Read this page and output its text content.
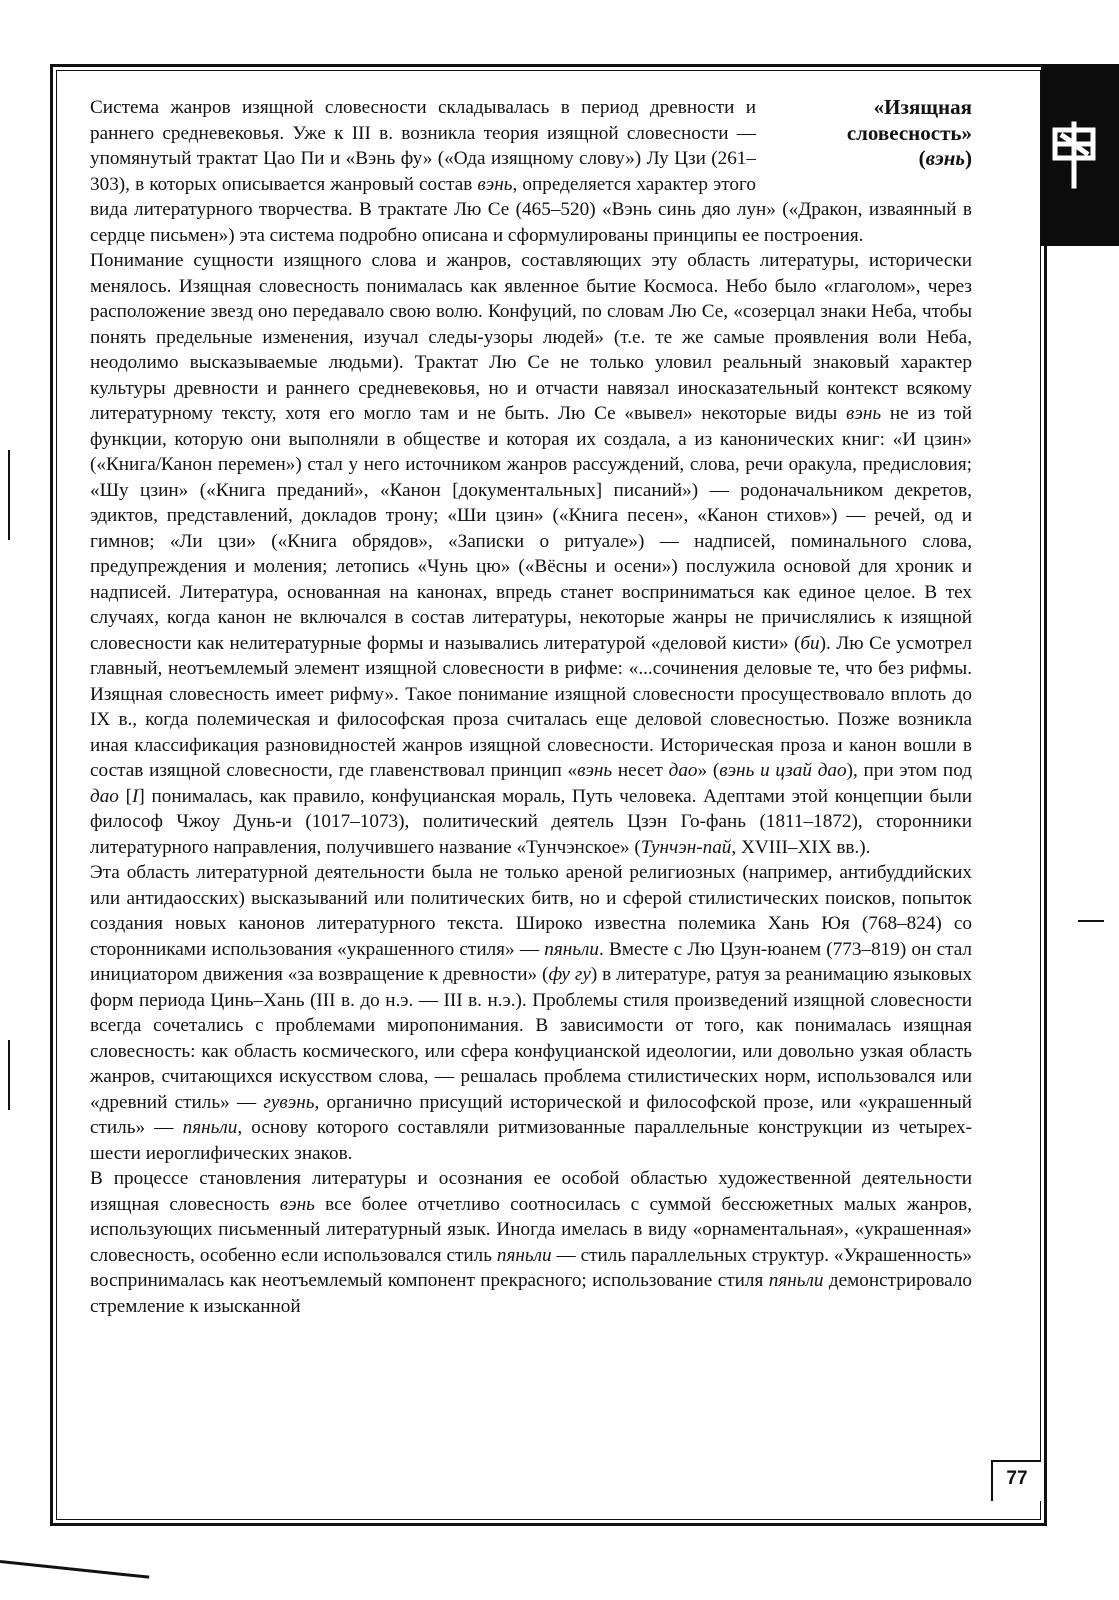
«Изящная
словесность»
(вэнь)

Система жанров изящной словесности складывалась в период древности и раннего средневековья. Уже к III в. возникла теория изящной словесности — упомянутый трактат Цао Пи и «Вэнь фу» («Ода изящному слову») Лу Цзи (261–303), в которых описывается жанровый состав вэнь, определяется характер этого вида литературного творчества. В трактате Лю Се (465–520) «Вэнь синь дяо лун» («Дракон, изваянный в сердце письмен») эта система подробно описана и сформулированы принципы ее построения.

Понимание сущности изящного слова и жанров, составляющих эту область литературы, исторически менялось. Изящная словесность понималась как явленное бытие Космоса. Небо было «глаголом», через расположение звезд оно передавало свою волю. Конфуций, по словам Лю Се, «созерцал знаки Неба, чтобы понять предельные изменения, изучал следы-узоры людей» (т.е. те же самые проявления воли Неба, неодолимо высказываемые людьми). Трактат Лю Се не только уловил реальный знаковый характер культуры древности и раннего средневековья, но и отчасти навязал иносказательный контекст всякому литературному тексту, хотя его могло там и не быть. Лю Се «вывел» некоторые виды вэнь не из той функции, которую они выполняли в обществе и которая их создала, а из канонических книг: «И цзин» («Книга/Канон перемен») стал у него источником жанров рассуждений, слова, речи оракула, предисловия; «Шу цзин» («Книга преданий», «Канон [документальных] писаний») — родоначальником декретов, эдиктов, представлений, докладов трону; «Ши цзин» («Книга песен», «Канон стихов») — речей, од и гимнов; «Ли цзи» («Книга обрядов», «Записки о ритуале») — надписей, поминального слова, предупреждения и моления; летопись «Чунь цю» («Вёсны и осени») послужила основой для хроник и надписей. Литература, основанная на канонах, впредь станет восприниматься как единое целое. В тех случаях, когда канон не включался в состав литературы, некоторые жанры не причислялись к изящной словесности как нелитературные формы и назывались литературой «деловой кисти» (би). Лю Се усмотрел главный, неотъемлемый элемент изящной словесности в рифме: «...сочинения деловые те, что без рифмы. Изящная словесность имеет рифму». Такое понимание изящной словесности просуществовало вплоть до IX в., когда полемическая и философская проза считалась еще деловой словесностью. Позже возникла иная классификация разновидностей жанров изящной словесности. Историческая проза и канон вошли в состав изящной словесности, где главенствовал принцип «вэнь несет дао» (вэнь и цзай дао), при этом под дао [I] понималась, как правило, конфуцианская мораль, Путь человека. Адептами этой концепции были философ Чжоу Дунь-и (1017–1073), политический деятель Цзэн Го-фань (1811–1872), сторонники литературного направления, получившего название «Тунчэнское» (Тунчэн-пай, XVIII–XIX вв.).

Эта область литературной деятельности была не только ареной религиозных (например, антибуддийских или антидаосских) высказываний или политических битв, но и сферой стилистических поисков, попыток создания новых канонов литературного текста. Широко известна полемика Хань Юя (768–824) со сторонниками использования «украшенного стиля» — пяньли. Вместе с Лю Цзун-юанем (773–819) он стал инициатором движения «за возвращение к древности» (фу гу) в литературе, ратуя за реанимацию языковых форм периода Цинь–Хань (III в. до н.э. — III в. н.э.). Проблемы стиля произведений изящной словесности всегда сочетались с проблемами миропонимания. В зависимости от того, как понималась изящная словесность: как область космического, или сфера конфуцианской идеологии, или довольно узкая область жанров, считающихся искусством слова, — решалась проблема стилистических норм, использовался или «древний стиль» — гувэнь, органично присущий исторической и философской прозе, или «украшенный стиль» — пяньли, основу которого составляли ритмизованные параллельные конструкции из четырех-шести иероглифических знаков.

В процессе становления литературы и осознания ее особой областью художественной деятельности изящная словесность вэнь все более отчетливо соотносилась с суммой бессюжетных малых жанров, использующих письменный литературный язык. Иногда имелась в виду «орнаментальная», «украшенная» словесность, особенно если использовался стиль пяньли — стиль параллельных структур. «Украшенность» воспринималась как неотъемлемый компонент прекрасного; использование стиля пяньли демонстрировало стремление к изысканной

77
